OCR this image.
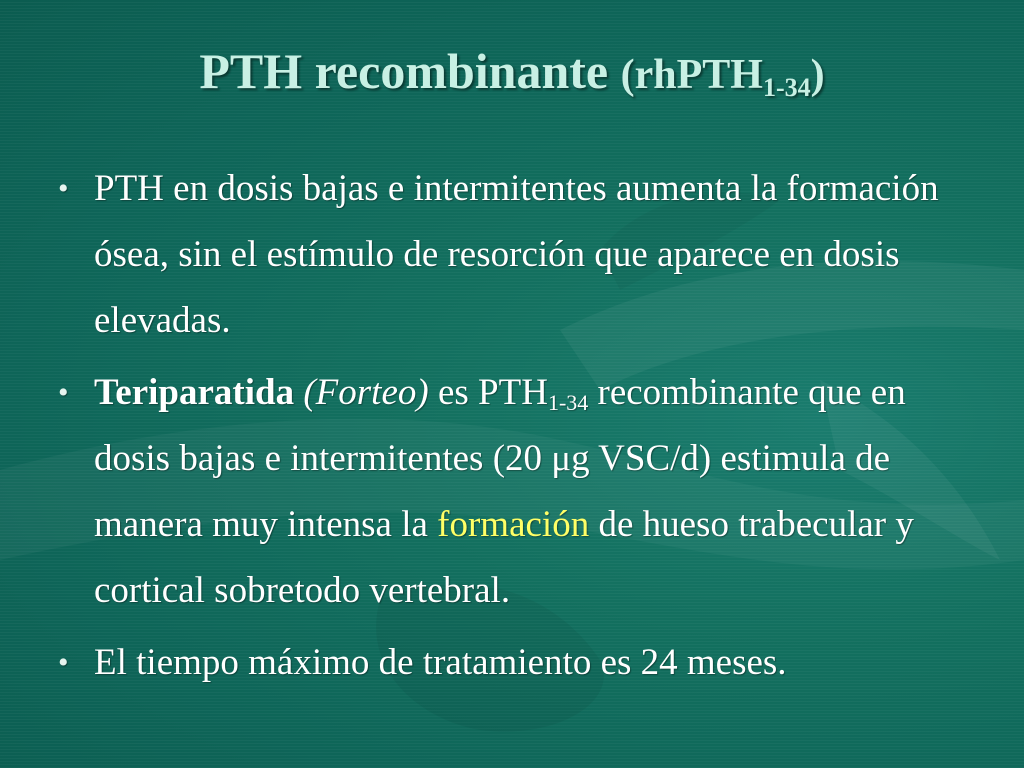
PTH recombinante (rhPTH$_{1-34}$)
• PTH en dosis bajas e intermitentes aumenta la formación ósea, sin el estímulo de resorción que aparece en dosis elevadas.
• Teriparatida (Forteo) es $PTH_{1-34}$ recombinante que en dosis bajas e intermitentes (20 μg VSC/d) estimula de manera muy intensa la formación de hueso trabecular y cortical sobretodo vertebral.
• El tiempo máximo de tratamiento es 24 meses.
